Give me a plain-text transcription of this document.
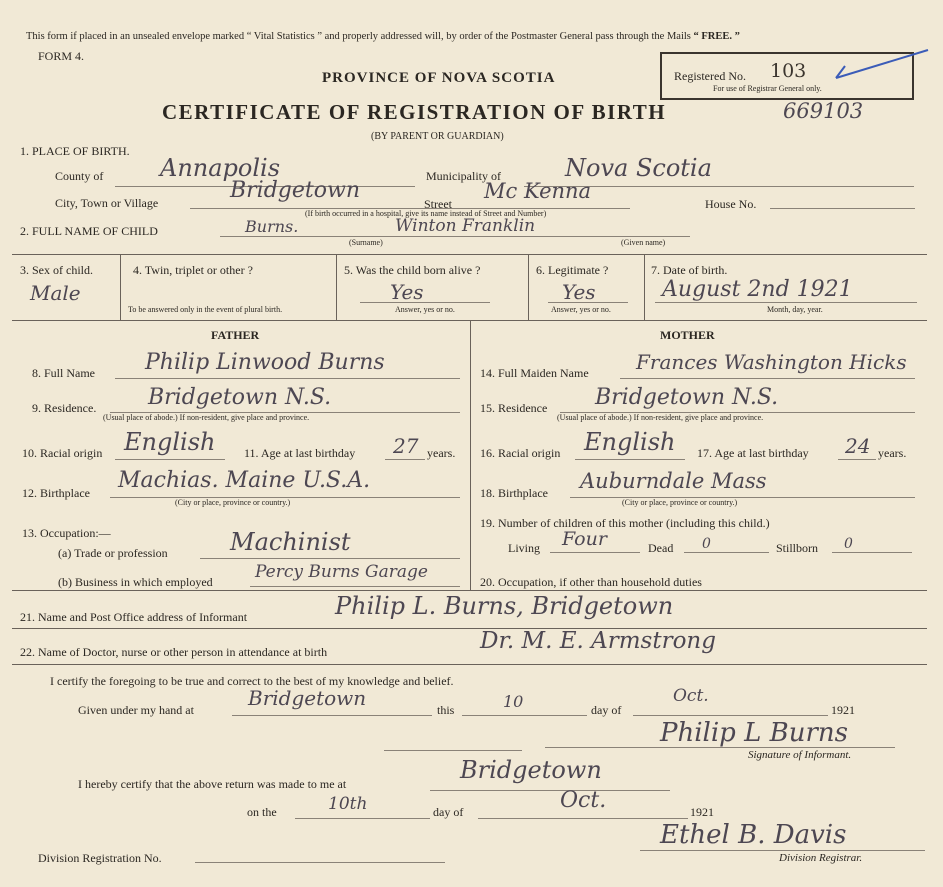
This form if placed in an unsealed envelope marked “ Vital Statistics ” and properly addressed will, by order of the Postmaster General pass through the Mails “ FREE. ”
FORM 4.
PROVINCE OF NOVA SCOTIA
CERTIFICATE OF REGISTRATION OF BIRTH
(BY PARENT OR GUARDIAN)
669103
Registered No. 103
For use of Registrar General only.
1. PLACE OF BIRTH.
County of Annapolis	Municipality of	Nova Scotia
City, Town or Village	Bridgetown
Street
Mc Kenna
(If birth occurred in a hospital, give its name instead of Street and Number)
House No.
2. FULL NAME OF CHILD	Burns.	Winton Franklin
(Surname)	(Given name)
3. Sex of child.
Male
4. Twin, triplet or other ?
To be answered only in the event of plural birth.
5. Was the child born alive ?
Yes
Answer, yes or no.
6. Legitimate ?
Yes
Answer, yes or no.
7. Date of birth.
August 2nd 1921
Month, day, year.
FATHER
8. Full Name Philip Linwood Burns
9. Residence. Bridgetown N.S.
(Usual place of abode.) If non-resident, give place and province.
10. Racial origin English 11. Age at last birthday 27 years.
12. Birthplace Machias. Maine U.S.A.
(City or place, province or country.)
13. Occupation:—
(a) Trade or profession	Machinist
(b) Business in which employed Percy Burns Garage
MOTHER
14. Full Maiden Name Frances Washington Hicks
15. Residence Bridgetown N.S.
(Usual place of abode.) If non-resident, give place and province.
16. Racial origin English 17. Age at last birthday 24 years.
18. Birthplace Auburndale Mass
(City or place, province or country.)
19. Number of children of this mother (including this child.)
Living Four	Dead 0	Stillborn 0
20. Occupation, if other than household duties
21. Name and Post Office address of Informant	Philip L. Burns, Bridgetown
22. Name of Doctor, nurse or other person in attendance at birth	Dr. M. E. Armstrong
I certify the foregoing to be true and correct to the best of my knowledge and belief.
Given under my hand at	Bridgetown	this	10	day of
Oct.
1921
Philip L Burns
Signature of Informant.
I hereby certify that the above return was made to me at	Bridgetown
on the	10th	day of	Oct.	1921
Ethel B. Davis
Division Registrar.
Division Registration No.
